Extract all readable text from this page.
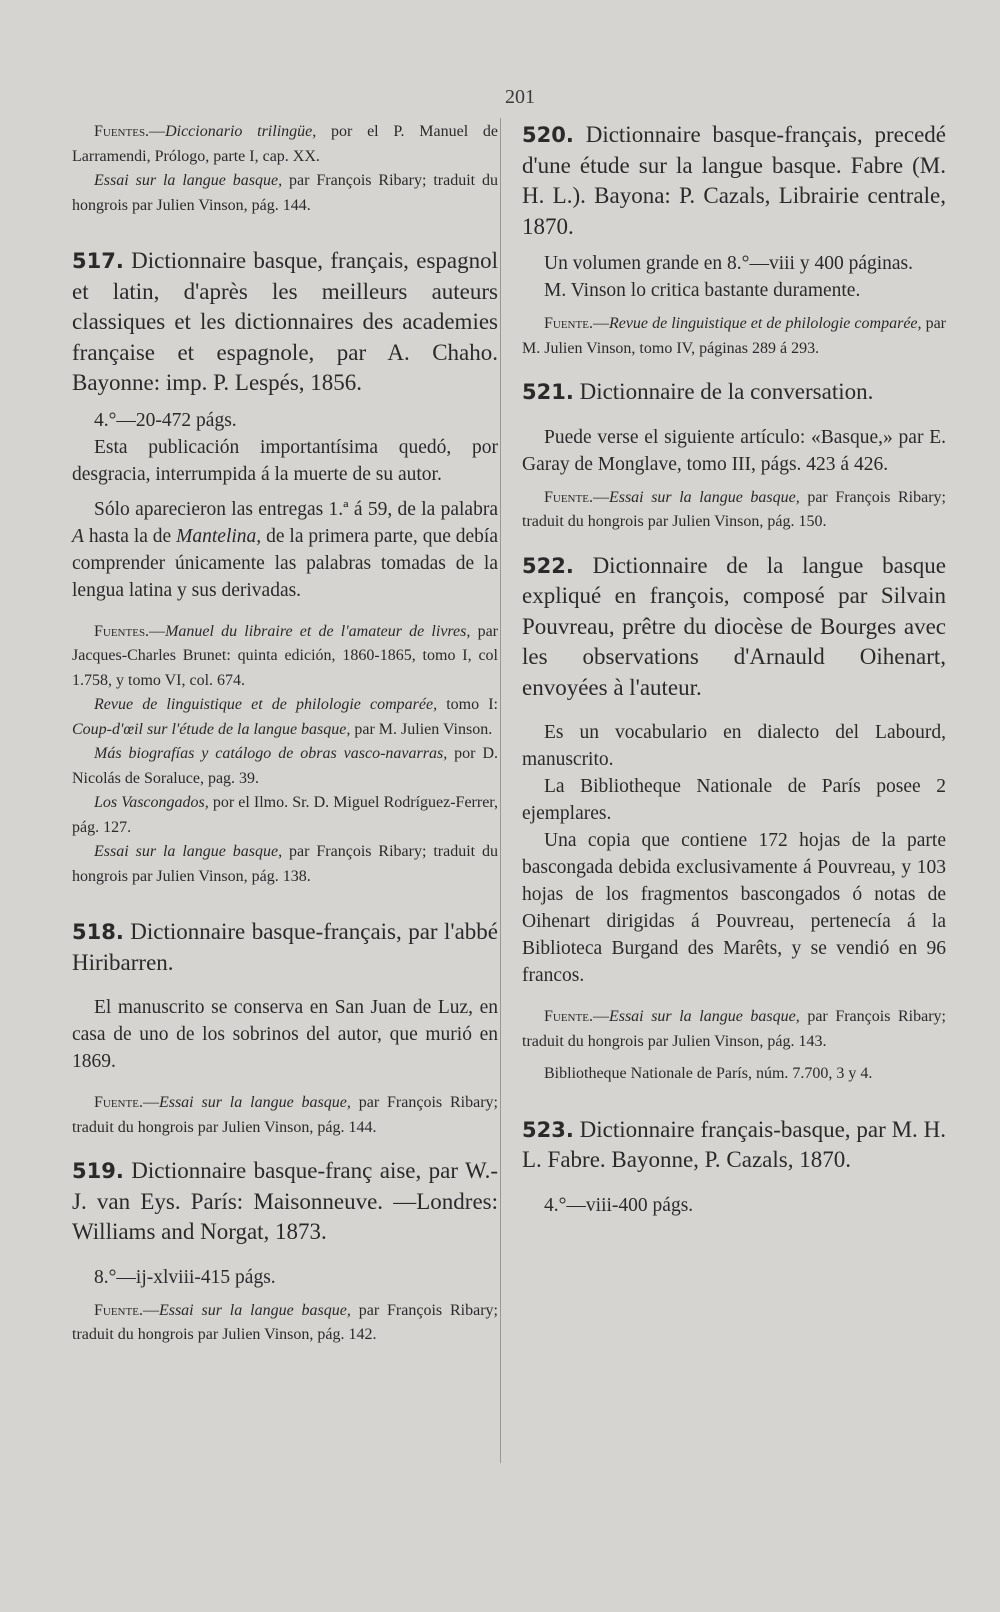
201

Fuentes.—Diccionario trilingüe, por el P. Manuel de Larramendi, Prólogo, parte I, cap. XX.

Essai sur la langue basque, par François Ribary; traduit du hongrois par Julien Vinson, pág. 144.

517. Dictionnaire basque, français, espagnol et latin, d'après les meilleurs auteurs classiques et les dictionnaires des academies française et espagnole, par A. Chaho. Bayonne: imp. P. Lespés, 1856.

4.°—20-472 págs.

Esta publicación importantísima quedó, por desgracia, interrumpida á la muerte de su autor.

Sólo aparecieron las entregas 1.ª á 59, de la palabra A hasta la de Mantelina, de la primera parte, que debía comprender únicamente las palabras tomadas de la lengua latina y sus derivadas.

Fuentes.—Manuel du libraire et de l'amateur de livres, par Jacques-Charles Brunet: quinta edición, 1860-1865, tomo I, col 1.758, y tomo VI, col. 674.

Revue de linguistique et de philologie comparée, tomo I: Coup-d'œil sur l'étude de la langue basque, par M. Julien Vinson.

Más biografías y catálogo de obras vasco-navarras, por D. Nicolás de Soraluce, pag. 39.

Los Vascongados, por el Ilmo. Sr. D. Miguel Rodríguez-Ferrer, pág. 127.

Essai sur la langue basque, par François Ribary; traduit du hongrois par Julien Vinson, pág. 138.

518. Dictionnaire basque-français, par l'abbé Hiribarren.

El manuscrito se conserva en San Juan de Luz, en casa de uno de los sobrinos del autor, que murió en 1869.

Fuente.—Essai sur la langue basque, par François Ribary; traduit du hongrois par Julien Vinson, pág. 144.

519. Dictionnaire basque-franç aise, par W.-J. van Eys. París: Maisonneuve. —Londres: Williams and Norgat, 1873.

8.°—ij-xlviii-415 págs.

Fuente.—Essai sur la langue basque, par François Ribary; traduit du hongrois par Julien Vinson, pág. 142.

520. Dictionnaire basque-français, precedé d'une étude sur la langue basque. Fabre (M. H. L.). Bayona: P. Cazals, Librairie centrale, 1870.

Un volumen grande en 8.°—viii y 400 páginas.

M. Vinson lo critica bastante duramente.

Fuente.—Revue de linguistique et de philologie comparée, par M. Julien Vinson, tomo IV, páginas 289 á 293.

521. Dictionnaire de la conversation.

Puede verse el siguiente artículo: «Basque,» par E. Garay de Monglave, tomo III, págs. 423 á 426.

Fuente.—Essai sur la langue basque, par François Ribary; traduit du hongrois par Julien Vinson, pág. 150.

522. Dictionnaire de la langue basque expliqué en françois, composé par Silvain Pouvreau, prêtre du diocèse de Bourges avec les observations d'Arnauld Oihenart, envoyées à l'auteur.

Es un vocabulario en dialecto del Labourd, manuscrito.

La Bibliotheque Nationale de París posee 2 ejemplares.

Una copia que contiene 172 hojas de la parte bascongada debida exclusivamente á Pouvreau, y 103 hojas de los fragmentos bascongados ó notas de Oihenart dirigidas á Pouvreau, pertenecía á la Biblioteca Burgand des Marêts, y se vendió en 96 francos.

Fuente.—Essai sur la langue basque, par François Ribary; traduit du hongrois par Julien Vinson, pág. 143.

Bibliotheque Nationale de París, núm. 7.700, 3 y 4.

523. Dictionnaire français-basque, par M. H. L. Fabre. Bayonne, P. Cazals, 1870.

4.°—viii-400 págs.
